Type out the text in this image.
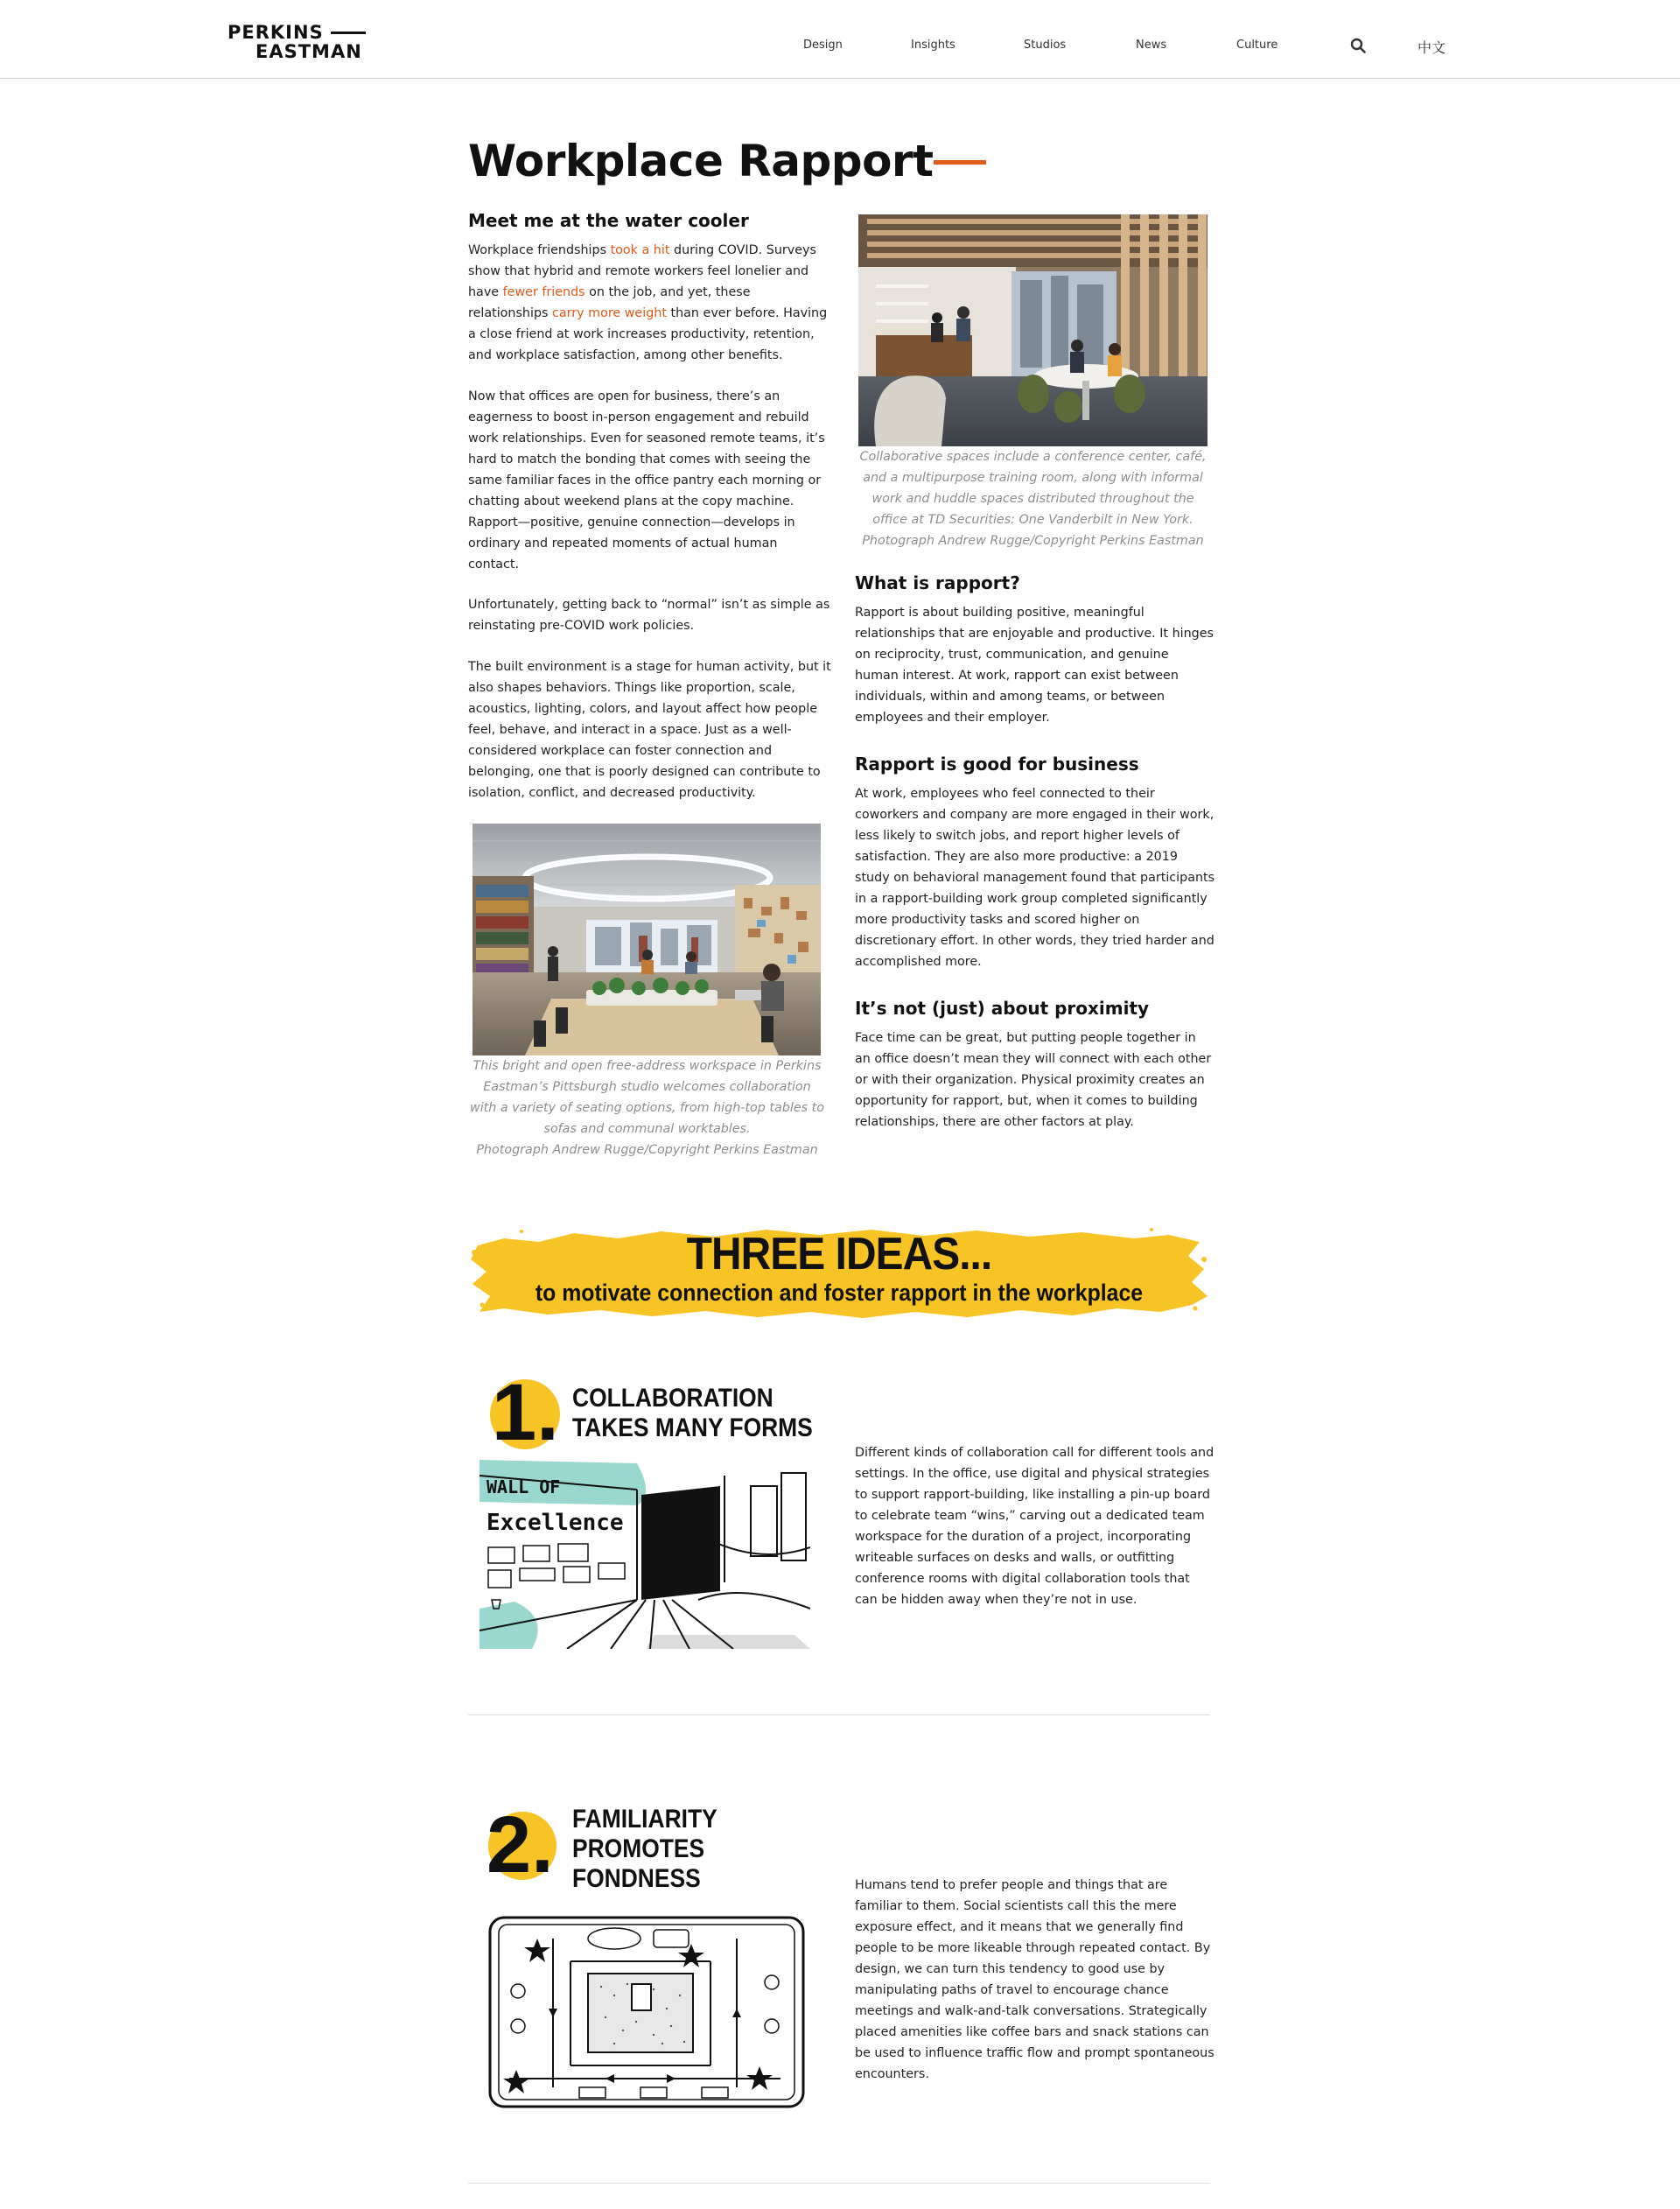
PERKINS
EASTMAN	Design	Insights	Studios	News	Culture	中文
Workplace Rapport
Meet me at the water cooler

Workplace friendships took a hit during COVID. Surveys show that hybrid and remote workers feel lonelier and have fewer friends on the job, and yet, these relationships carry more weight than ever before. Having a close friend at work increases productivity, retention, and workplace satisfaction, among other benefits.

Now that offices are open for business, there’s an eagerness to boost in-person engagement and rebuild work relationships. Even for seasoned remote teams, it’s hard to match the bonding that comes with seeing the same familiar faces in the office pantry each morning or chatting about weekend plans at the copy machine. Rapport—positive, genuine connection—develops in ordinary and repeated moments of actual human contact.

Unfortunately, getting back to “normal” isn’t as simple as reinstating pre-COVID work policies.

The built environment is a stage for human activity, but it also shapes behaviors. Things like proportion, scale, acoustics, lighting, colors, and layout affect how people feel, behave, and interact in a space. Just as a well-considered workplace can foster connection and belonging, one that is poorly designed can contribute to isolation, conflict, and decreased productivity.

This bright and open free-address workspace in Perkins
Eastman’s Pittsburgh studio welcomes collaboration
with a variety of seating options, from high-top tables to
sofas and communal worktables.
Photograph Andrew Rugge/Copyright Perkins Eastman
Collaborative spaces include a conference center, café,
and a multipurpose training room, along with informal
work and huddle spaces distributed throughout the
office at TD Securities: One Vanderbilt in New York.
Photograph Andrew Rugge/Copyright Perkins Eastman
What is rapport?

Rapport is about building positive, meaningful relationships that are enjoyable and productive. It hinges on reciprocity, trust, communication, and genuine human interest. At work, rapport can exist between individuals, within and among teams, or between employees and their employer.

Rapport is good for business

At work, employees who feel connected to their coworkers and company are more engaged in their work, less likely to switch jobs, and report higher levels of satisfaction. They are also more productive: a 2019 study on behavioral management found that participants in a rapport-building work group completed significantly more productivity tasks and scored higher on discretionary effort. In other words, they tried harder and accomplished more.

It’s not (just) about proximity

Face time can be great, but putting people together in an office doesn’t mean they will connect with each other or with their organization. Physical proximity creates an opportunity for rapport, but, when it comes to building relationships, there are other factors at play.

THREE IDEAS...
to motivate connection and foster rapport in the workplace
1. COLLABORATION
TAKES MANY FORMS
WALL OF
Excellence

Different kinds of collaboration call for different tools and settings. In the office, use digital and physical strategies to support rapport-building, like installing a pin-up board to celebrate team “wins,” carving out a dedicated team workspace for the duration of a project, incorporating writeable surfaces on desks and walls, or outfitting conference rooms with digital collaboration tools that can be hidden away when they’re not in use.

2. FAMILIARITY
PROMOTES
FONDNESS	Humans tend to prefer people and things that are familiar to them. Social scientists call this the mere exposure effect, and it means that we generally find people to be more likeable through repeated contact. By design, we can turn this tendency to good use by manipulating paths of travel to encourage chance meetings and walk-and-talk conversations. Strategically placed amenities like coffee bars and snack stations can be used to influence traffic flow and prompt spontaneous encounters.
